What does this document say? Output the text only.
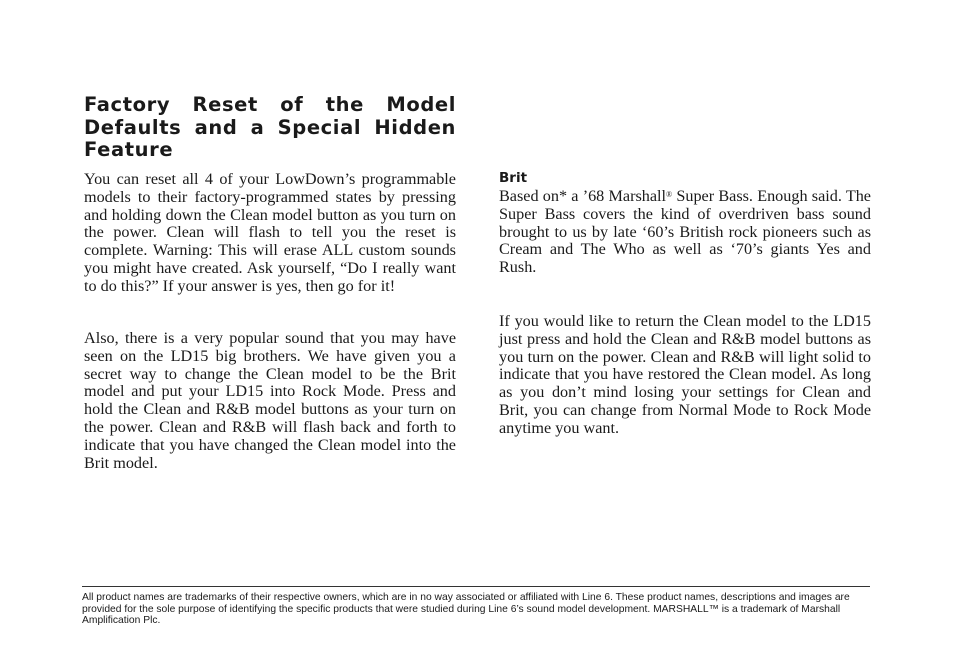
Factory Reset of the Model Defaults and a Special Hidden Feature

You can reset all 4 of your LowDown’s programmable models to their factory-programmed states by pressing and holding down the Clean model button as you turn on the power. Clean will flash to tell you the reset is complete. Warning: This will erase ALL custom sounds you might have created. Ask yourself, “Do I really want to do this?” If your answer is yes, then go for it!

Also, there is a very popular sound that you may have seen on the LD15 big brothers. We have given you a secret way to change the Clean model to be the Brit model and put your LD15 into Rock Mode. Press and hold the Clean and R&B model buttons as your turn on the power. Clean and R&B will flash back and forth to indicate that you have changed the Clean model into the Brit model.

Brit

Based on* a ’68 Marshall® Super Bass. Enough said. The Super Bass covers the kind of overdriven bass sound brought to us by late ‘60’s British rock pioneers such as Cream and The Who as well as ‘70’s giants Yes and Rush.

If you would like to return the Clean model to the LD15 just press and hold the Clean and R&B model buttons as you turn on the power. Clean and R&B will light solid to indicate that you have restored the Clean model. As long as you don’t mind losing your settings for Clean and Brit, you can change from Normal Mode to Rock Mode anytime you want.

All product names are trademarks of their respective owners, which are in no way associated or affiliated with Line 6. These product names, descriptions and images are provided for the sole purpose of identifying the specific products that were studied during Line 6’s sound model development. MARSHALL™ is a trademark of Marshall Amplification Plc.
